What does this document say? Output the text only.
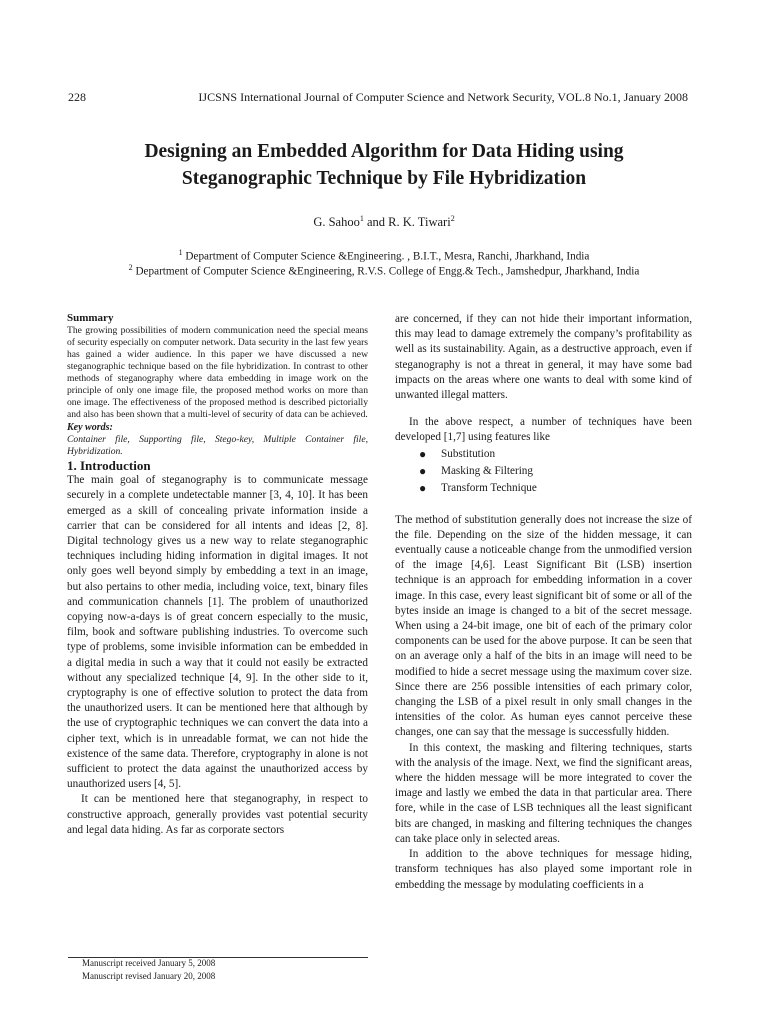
228	IJCSNS International Journal of Computer Science and Network Security, VOL.8 No.1, January 2008
Designing an Embedded Algorithm for Data Hiding using
Steganographic Technique by File Hybridization
G. Sahoo$^1$ and R. K. Tiwari$^2$
$^1$ Department of Computer Science &Engineering. , B.I.T., Mesra, Ranchi, Jharkhand, India
$^2$ Department of Computer Science &Engineering, R.V.S. College of Engg.& Tech., Jamshedpur, Jharkhand, India

Summary

The growing possibilities of modern communication need the special means of security especially on computer network. Data security in the last few years has gained a wider audience. In this paper we have discussed a new steganographic technique based on the file hybridization. In contrast to other methods of steganography where data embedding in image work on the principle of only one image file, the proposed method works on more than one image. The effectiveness of the proposed method is described pictorially and also has been shown that a multi-level of security of data can be achieved.

Key words:

Container file, Supporting file, Stego-key, Multiple Container file, Hybridization.

1. Introduction

The main goal of steganography is to communicate message securely in a complete undetectable manner [3, 4, 10]. It has been emerged as a skill of concealing private information inside a carrier that can be considered for all intents and ideas [2, 8]. Digital technology gives us a new way to relate steganographic techniques including hiding information in digital images. It not only goes well beyond simply by embedding a text in an image, but also pertains to other media, including voice, text, binary files and communication channels [1]. The problem of unauthorized copying now-a-days is of great concern especially to the music, film, book and software publishing industries. To overcome such type of problems, some invisible information can be embedded in a digital media in such a way that it could not easily be extracted without any specialized technique [4, 9]. In the other side to it, cryptography is one of effective solution to protect the data from the unauthorized users. It can be mentioned here that although by the use of cryptographic techniques we can convert the data into a cipher text, which is in unreadable format, we can not hide the existence of the same data. Therefore, cryptography in alone is not sufficient to protect the data against the unauthorized access by unauthorized users [4, 5].

It can be mentioned here that steganography, in respect to constructive approach, generally provides vast potential security and legal data hiding. As far as corporate sectors

are concerned, if they can not hide their important information, this may lead to damage extremely the company’s profitability as well as its sustainability. Again, as a destructive approach, even if steganography is not a threat in general, it may have some bad impacts on the areas where one wants to deal with some kind of unwanted illegal matters.

In the above respect, a number of techniques have been developed [1,7] using features like

● Substitution
● Masking & Filtering
● Transform Technique

The method of substitution generally does not increase the size of the file. Depending on the size of the hidden message, it can eventually cause a noticeable change from the unmodified version of the image [4,6]. Least Significant Bit (LSB) insertion technique is an approach for embedding information in a cover image. In this case, every least significant bit of some or all of the bytes inside an image is changed to a bit of the secret message. When using a 24-bit image, one bit of each of the primary color components can be used for the above purpose. It can be seen that on an average only a half of the bits in an image will need to be modified to hide a secret message using the maximum cover size. Since there are 256 possible intensities of each primary color, changing the LSB of a pixel result in only small changes in the intensities of the color. As human eyes cannot perceive these changes, one can say that the message is successfully hidden.

In this context, the masking and filtering techniques, starts with the analysis of the image. Next, we find the significant areas, where the hidden message will be more integrated to cover the image and lastly we embed the data in that particular area. There fore, while in the case of LSB techniques all the least significant bits are changed, in masking and filtering techniques the changes can take place only in selected areas.

In addition to the above techniques for message hiding, transform techniques has also played some important role in embedding the message by modulating coefficients in a

Manuscript received January 5, 2008
Manuscript revised January 20, 2008
